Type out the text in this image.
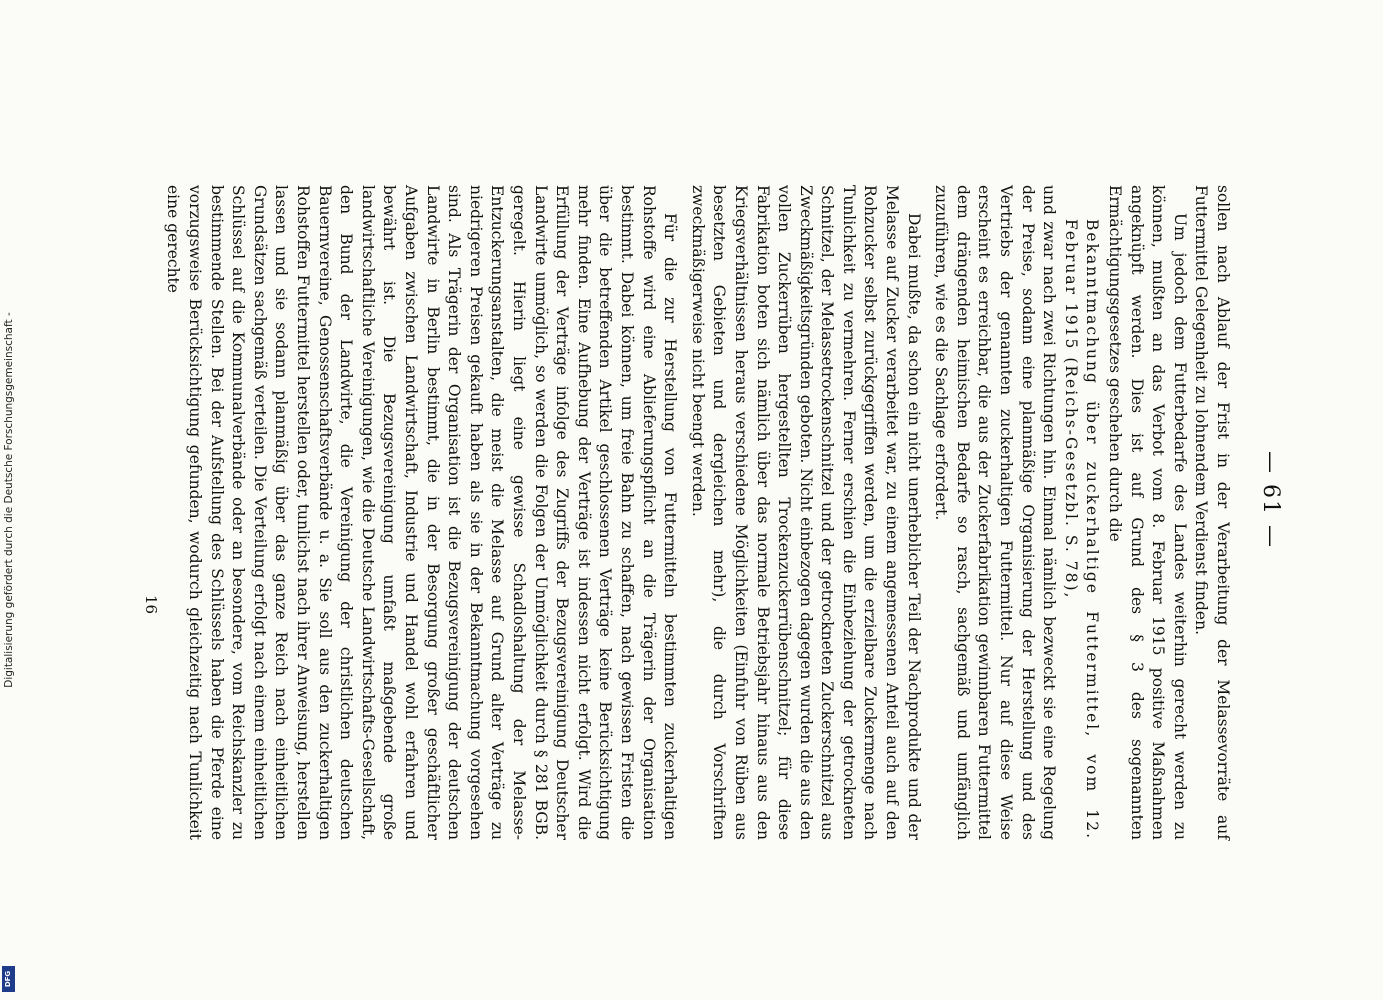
— 61 —

sollen nach Ablauf der Frist in der Verarbeitung der Melassevorräte auf Futtermittel Gelegenheit zu lohnendem Verdienst finden.

Um jedoch dem Futterbedarfe des Landes weiterhin gerecht werden zu können, mußten an das Verbot vom 8. Februar 1915 positive Maßnahmen angeknüpft werden. Dies ist auf Grund des § 3 des sogenannten Ermächtigungsgesetzes geschehen durch die

Bekanntmachung über zuckerhaltige Futtermittel, vom 12. Februar 1915 (Reichs-Gesetzbl. S. 78),

und zwar nach zwei Richtungen hin. Einmal nämlich bezweckt sie eine Regelung der Preise, sodann eine planmäßige Organisierung der Herstellung und des Vertriebs der genannten zuckerhaltigen Futtermittel. Nur auf diese Weise erscheint es erreichbar, die aus der Zuckerfabrikation gewinnbaren Futtermittel dem drängenden heimischen Bedarfe so rasch, sachgemäß und umfänglich zuzuführen, wie es die Sachlage erfordert.

Dabei mußte, da schon ein nicht unerheblicher Teil der Nachprodukte und der Melasse auf Zucker verarbeitet war, zu einem angemessenen Anteil auch auf den Rohzucker selbst zurückgegriffen werden, um die erzielbare Zuckermenge nach Tunlichkeit zu vermehren. Ferner erschien die Einbeziehung der getrockneten Schnitzel, der Melassetrockenschnitzel und der getrockneten Zuckerschnitzel aus Zweckmäßigkeitsgründen geboten. Nicht einbezogen dagegen wurden die aus den vollen Zuckerrüben hergestellten Trockenzuckerrübenschnitzel; für diese Fabrikation boten sich nämlich über das normale Betriebsjahr hinaus aus den Kriegsverhältnissen heraus verschiedene Möglichkeiten (Einfuhr von Rüben aus besetzten Gebieten und dergleichen mehr), die durch Vorschriften zweckmäßigerweise nicht beengt werden.

Für die zur Herstellung von Futtermitteln bestimmten zuckerhaltigen Rohstoffe wird eine Ablieferungspflicht an die Trägerin der Organisation bestimmt. Dabei können, um freie Bahn zu schaffen, nach gewissen Fristen die über die betreffenden Artikel geschlossenen Verträge keine Berücksichtigung mehr finden. Eine Aufhebung der Verträge ist indessen nicht erfolgt. Wird die Erfüllung der Verträge infolge des Zugriffs der Bezugsvereinigung Deutscher Landwirte unmöglich, so werden die Folgen der Unmöglichkeit durch § 281 BGB. geregelt. Hierin liegt eine gewisse Schadloshaltung der Melasse-Entzuckerungsanstalten, die meist die Melasse auf Grund alter Verträge zu niedrigeren Preisen gekauft haben als sie in der Bekanntmachung vorgesehen sind. Als Trägerin der Organisation ist die Bezugsvereinigung der deutschen Landwirte in Berlin bestimmt, die in der Besorgung großer geschäftlicher Aufgaben zwischen Landwirtschaft, Industrie und Handel wohl erfahren und bewährt ist. Die Bezugsvereinigung umfaßt maßgebende große landwirtschaftliche Vereinigungen, wie die Deutsche Landwirtschafts-Gesellschaft, den Bund der Landwirte, die Vereinigung der christlichen deutschen Bauernvereine, Genossenschaftsverbände u. a. Sie soll aus den zuckerhaltigen Rohstoffen Futtermittel herstellen oder, tunlichst nach ihrer Anweisung, herstellen lassen und sie sodann planmäßig über das ganze Reich nach einheitlichen Grundsätzen sachgemäß verteilen. Die Verteilung erfolgt nach einem einheitlichen Schlüssel auf die Kommunalverbände oder an besondere, vom Reichskanzler zu bestimmende Stellen. Bei der Aufstellung des Schlüssels haben die Pferde eine vorzugsweise Berücksichtigung gefunden, wodurch gleichzeitig nach Tunlichkeit eine gerechte

16
Digitalisierung gefördert durch die Deutsche Forschungsgemeinschaft -
DFG
